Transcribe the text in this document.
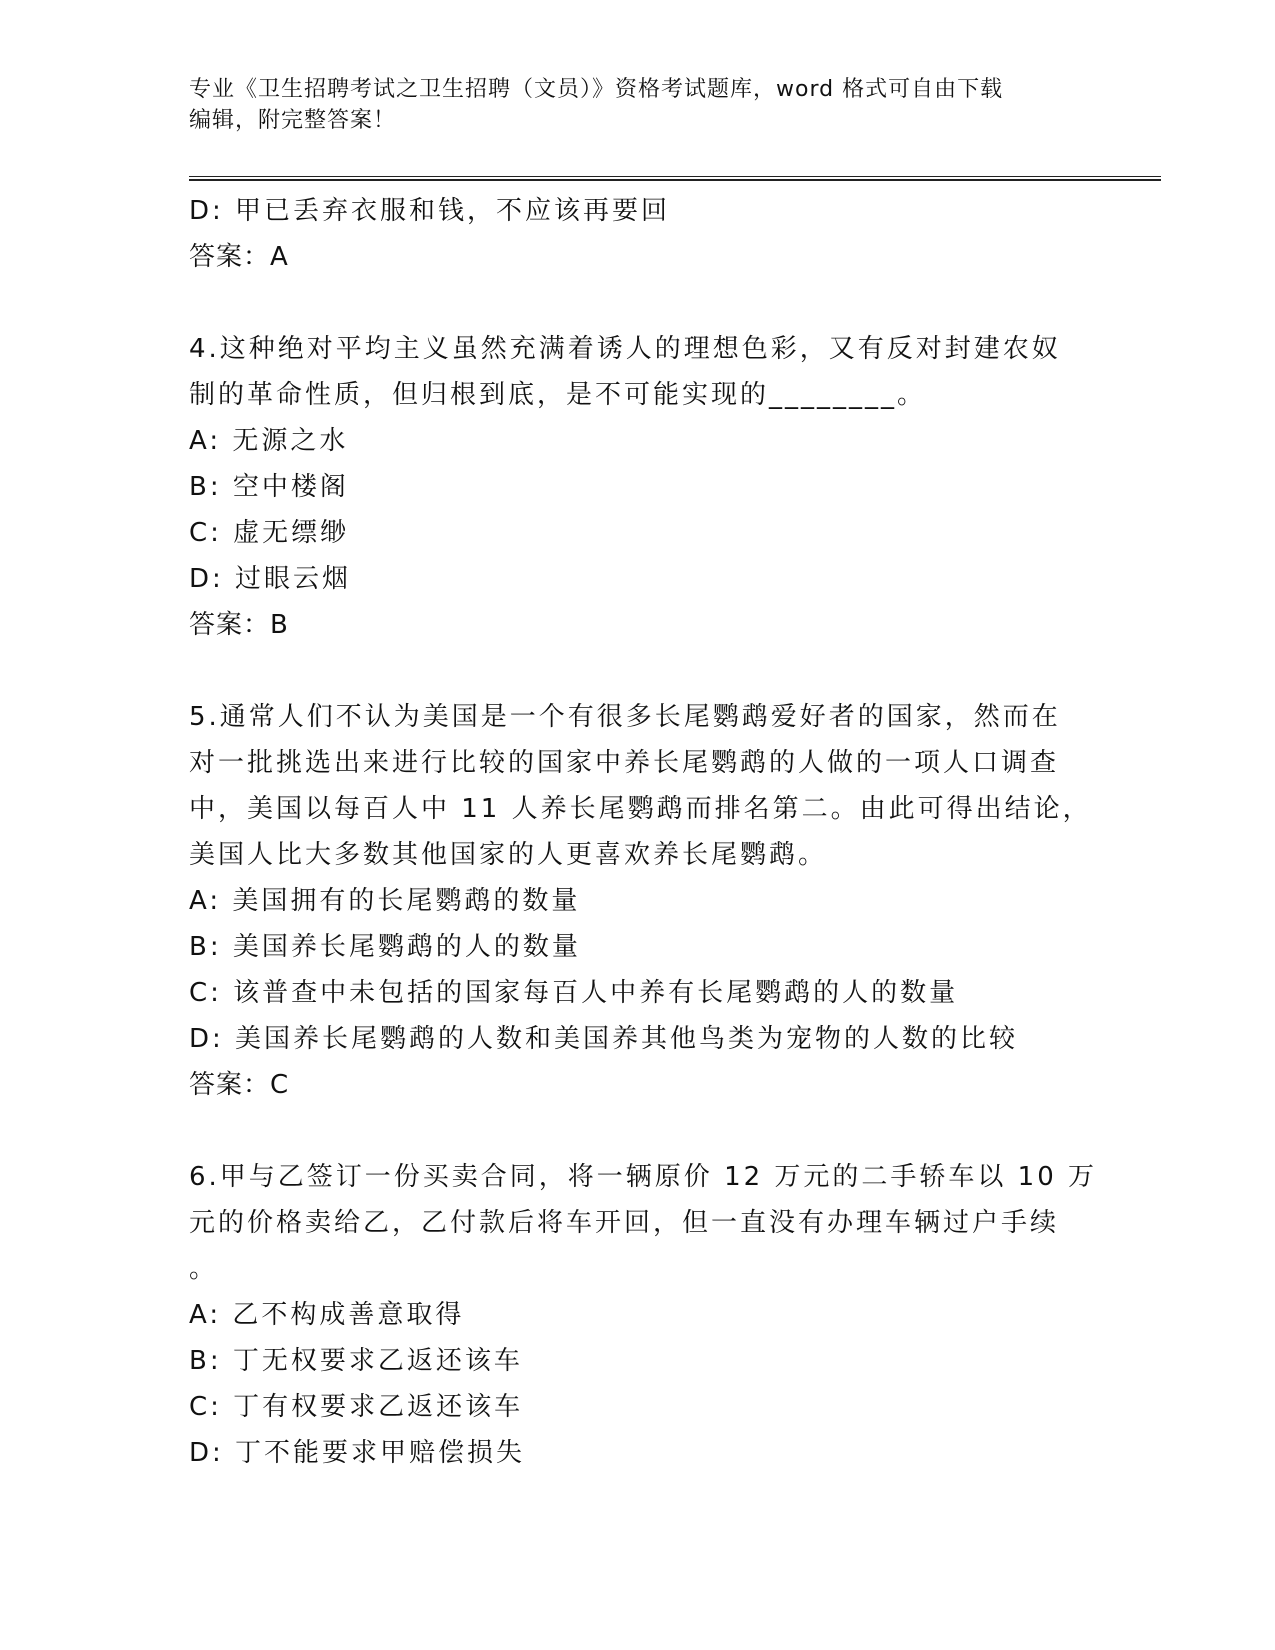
专业《卫生招聘考试之卫生招聘（文员）》资格考试题库，word 格式可自由下载
编辑，附完整答案！
D: 甲已丢弃衣服和钱，不应该再要回
答案：A
4.这种绝对平均主义虽然充满着诱人的理想色彩，又有反对封建农奴
制的革命性质，但归根到底，是不可能实现的________。
A: 无源之水
B: 空中楼阁
C: 虚无缥缈
D: 过眼云烟
答案：B
5.通常人们不认为美国是一个有很多长尾鹦鹉爱好者的国家，然而在
对一批挑选出来进行比较的国家中养长尾鹦鹉的人做的一项人口调查
中，美国以每百人中 11 人养长尾鹦鹉而排名第二。由此可得出结论，
美国人比大多数其他国家的人更喜欢养长尾鹦鹉。
A: 美国拥有的长尾鹦鹉的数量
B: 美国养长尾鹦鹉的人的数量
C: 该普查中未包括的国家每百人中养有长尾鹦鹉的人的数量
D: 美国养长尾鹦鹉的人数和美国养其他鸟类为宠物的人数的比较
答案：C
6.甲与乙签订一份买卖合同，将一辆原价 12 万元的二手轿车以 10 万
元的价格卖给乙，乙付款后将车开回，但一直没有办理车辆过户手续
。
A: 乙不构成善意取得
B: 丁无权要求乙返还该车
C: 丁有权要求乙返还该车
D: 丁不能要求甲赔偿损失
